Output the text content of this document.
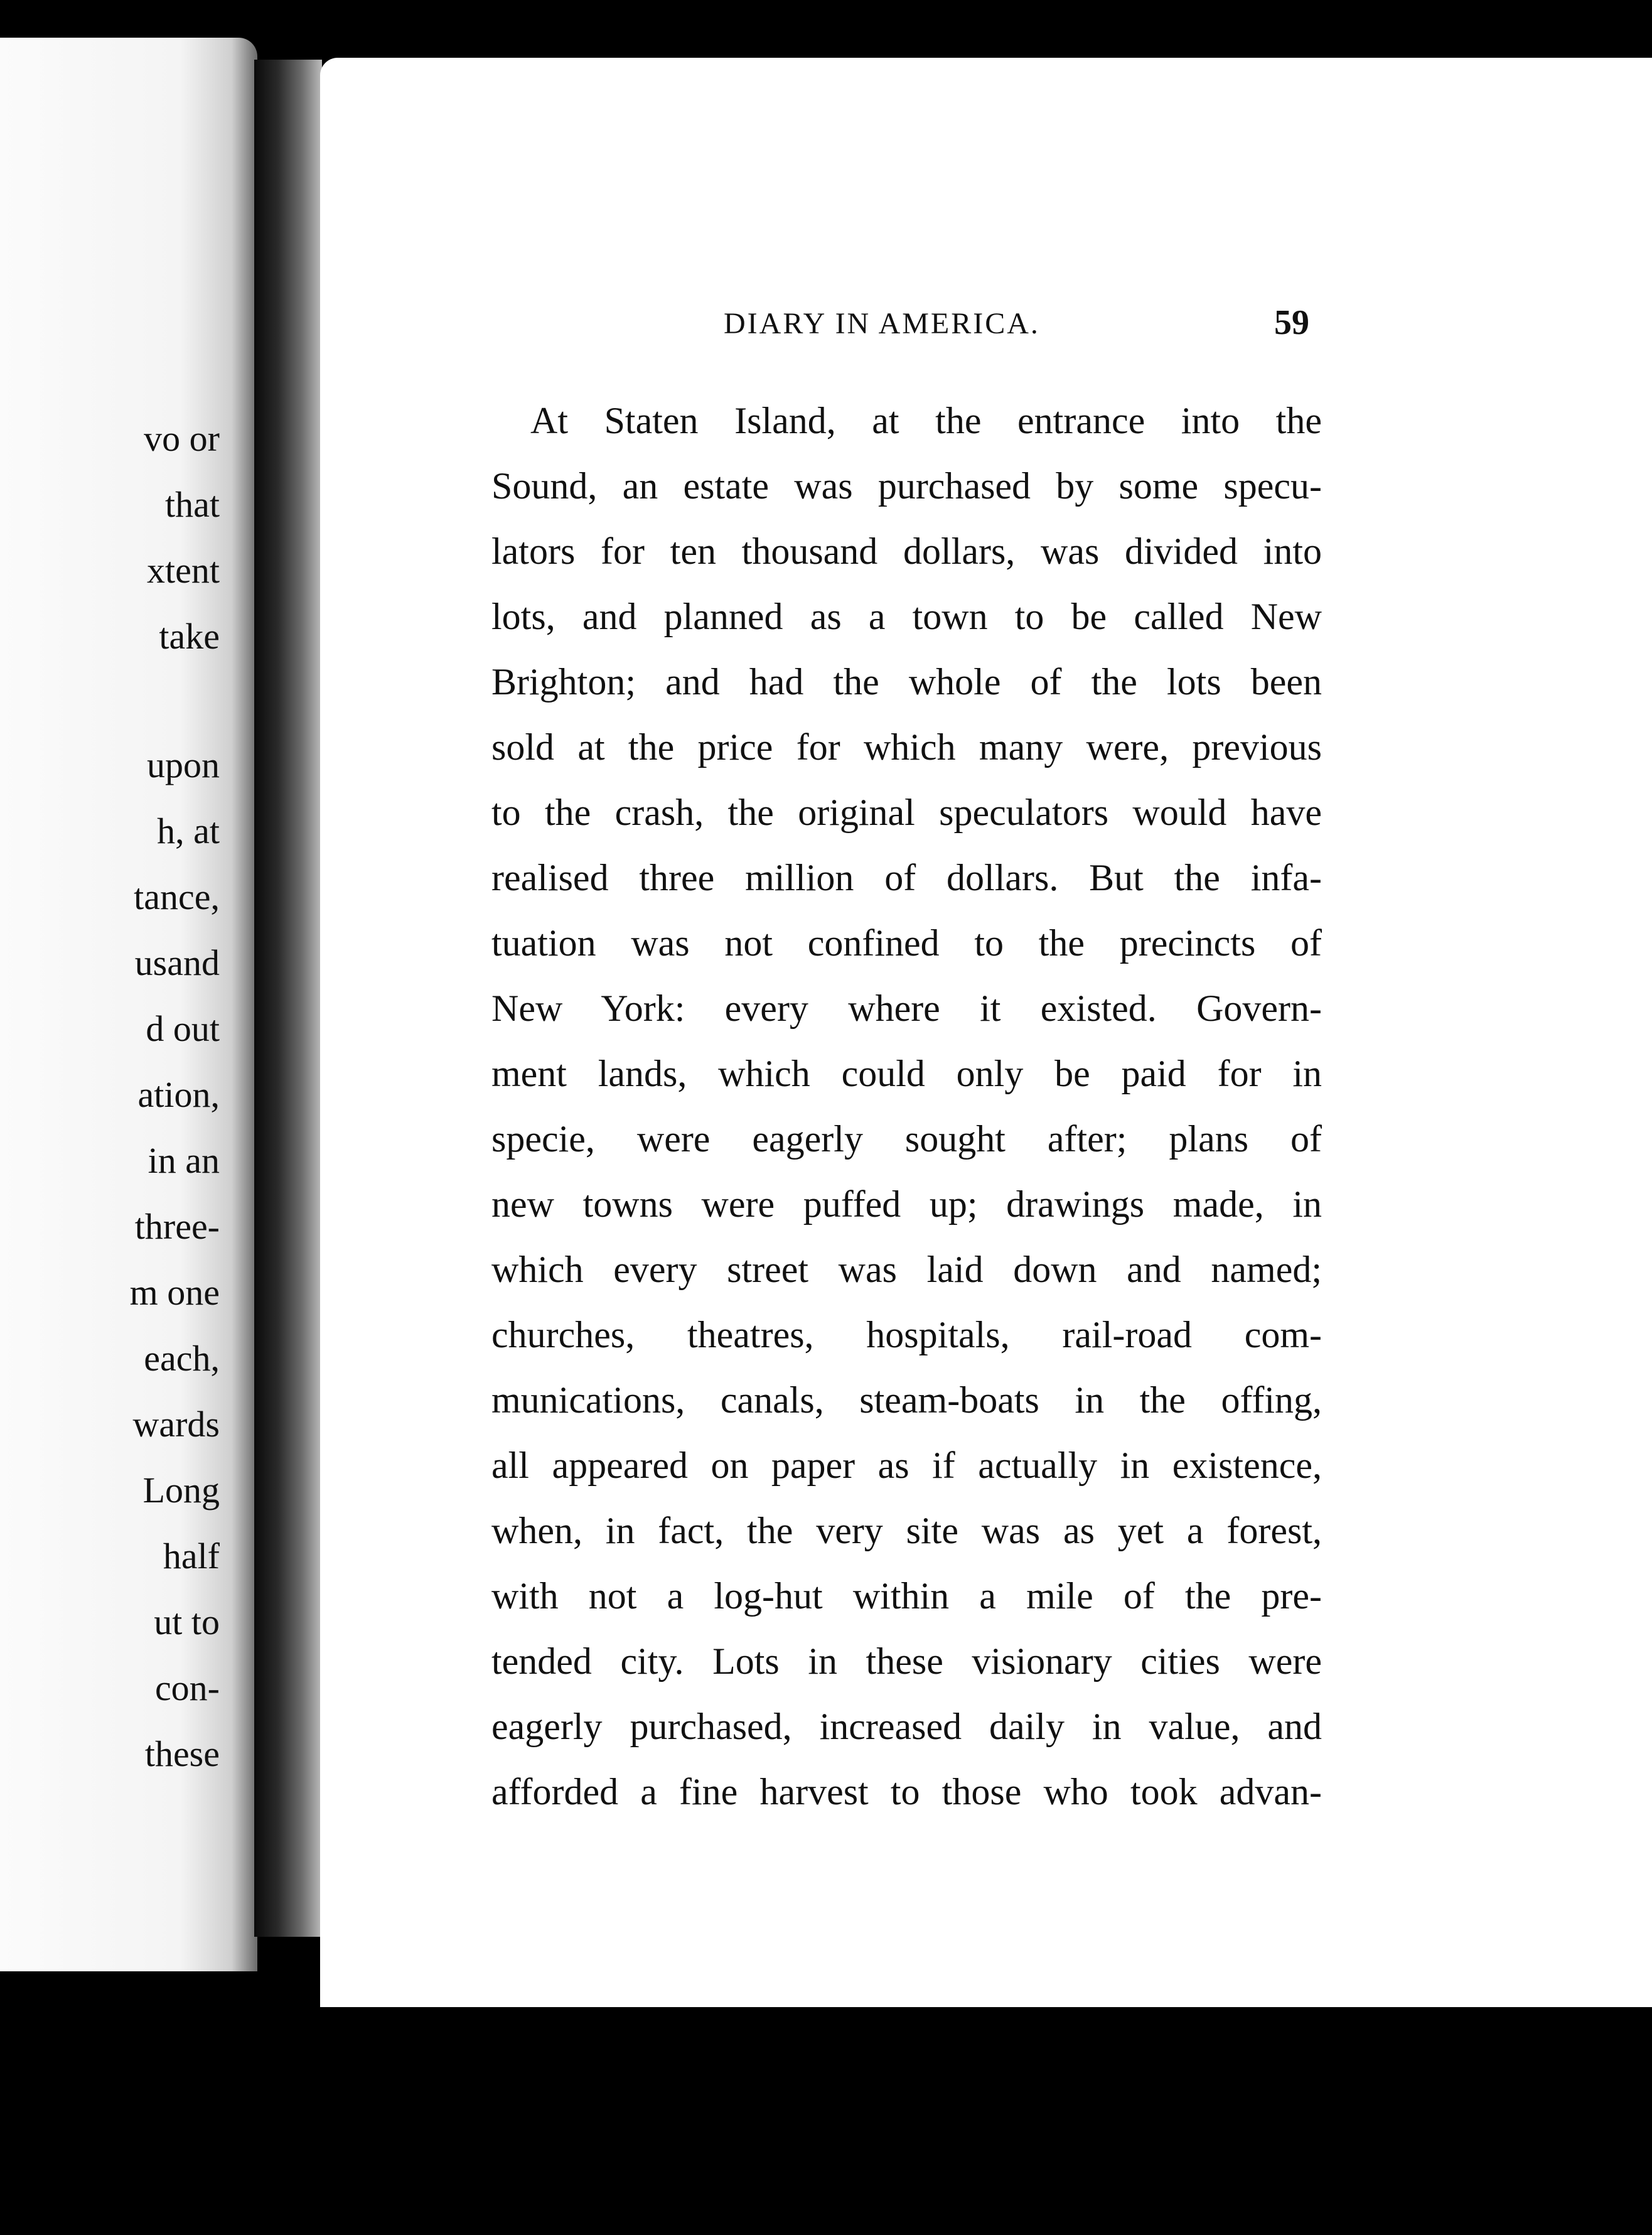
vo or
that
xtent
take
upon
h, at
tance,
usand
d out
ation,
in an
three-
m one
each,
wards
Long
half
ut to
con-
these
DIARY IN AMERICA.	59
At Staten Island, at the entrance into the
Sound, an estate was purchased by some specu-
lators for ten thousand dollars, was divided into
lots, and planned as a town to be called New
Brighton; and had the whole of the lots been
sold at the price for which many were, previous
to the crash, the original speculators would have
realised three million of dollars. But the infa-
tuation was not confined to the precincts of
New York: every where it existed. Govern-
ment lands, which could only be paid for in
specie, were eagerly sought after; plans of
new towns were puffed up; drawings made, in
which every street was laid down and named;
churches, theatres, hospitals, rail-road com-
munications, canals, steam-boats in the offing,
all appeared on paper as if actually in existence,
when, in fact, the very site was as yet a forest,
with not a log-hut within a mile of the pre-
tended city. Lots in these visionary cities were
eagerly purchased, increased daily in value, and
afforded a fine harvest to those who took advan-
